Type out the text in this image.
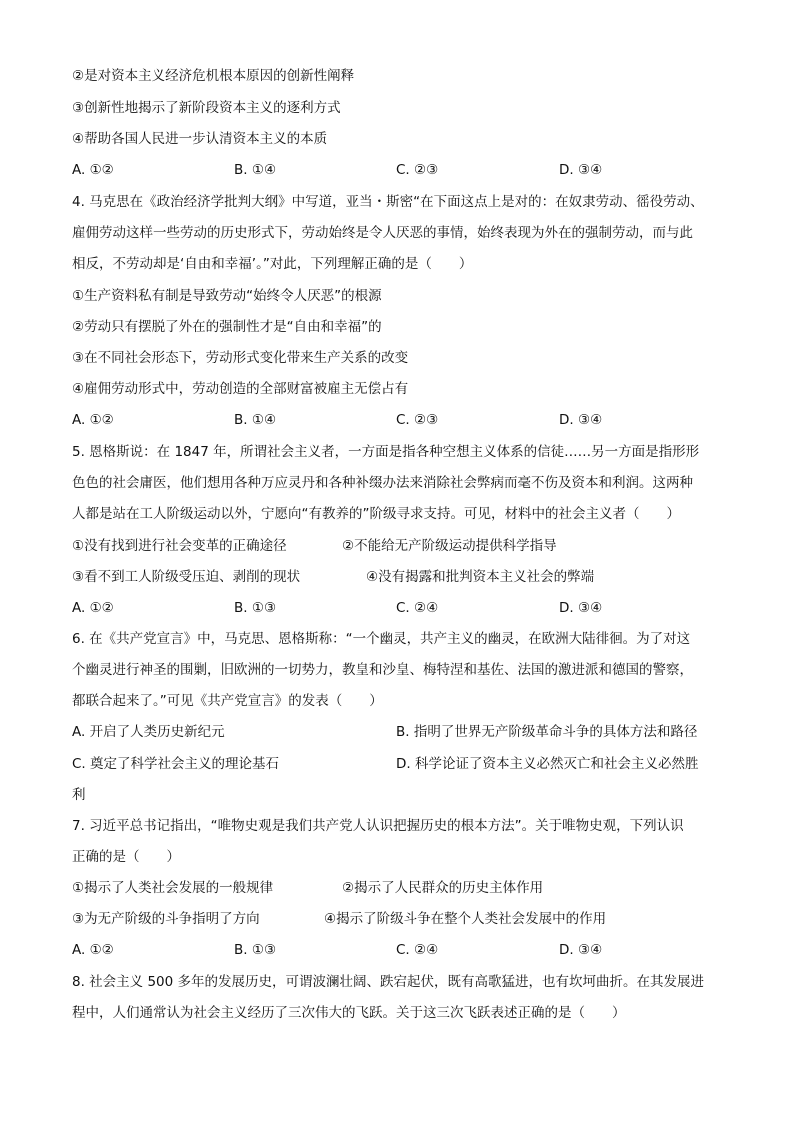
②是对资本主义经济危机根本原因的创新性阐释
③创新性地揭示了新阶段资本主义的逐利方式
④帮助各国人民进一步认清资本主义的本质
A. ①②	B. ①④	C. ②③	D. ③④
4. 马克思在《政治经济学批判大纲》中写道，亚当・斯密“在下面这点上是对的：在奴隶劳动、徭役劳动、
雇佣劳动这样一些劳动的历史形式下，劳动始终是令人厌恶的事情，始终表现为外在的强制劳动，而与此
相反，不劳动却是‘自由和幸福’。”对此，下列理解正确的是（　　）
①生产资料私有制是导致劳动“始终令人厌恶”的根源
②劳动只有摆脱了外在的强制性才是“自由和幸福”的
③在不同社会形态下，劳动形式变化带来生产关系的改变
④雇佣劳动形式中，劳动创造的全部财富被雇主无偿占有
A. ①②	B. ①④	C. ②③	D. ③④
5. 恩格斯说：在 1847 年，所谓社会主义者，一方面是指各种空想主义体系的信徒……另一方面是指形形
色色的社会庸医，他们想用各种万应灵丹和各种补缀办法来消除社会弊病而毫不伤及资本和利润。这两种
人都是站在工人阶级运动以外，宁愿向“有教养的”阶级寻求支持。可见，材料中的社会主义者（　　）
①没有找到进行社会变革的正确途径	②不能给无产阶级运动提供科学指导
③看不到工人阶级受压迫、剥削的现状	④没有揭露和批判资本主义社会的弊端
A. ①②	B. ①③	C. ②④	D. ③④
6. 在《共产党宣言》中，马克思、恩格斯称：“一个幽灵，共产主义的幽灵，在欧洲大陆徘徊。为了对这
个幽灵进行神圣的围剿，旧欧洲的一切势力，教皇和沙皇、梅特涅和基佐、法国的激进派和德国的警察，
都联合起来了。”可见《共产党宣言》的发表（　　）
A. 开启了人类历史新纪元	B. 指明了世界无产阶级革命斗争的具体方法和路径
C. 奠定了科学社会主义的理论基石	D. 科学论证了资本主义必然灭亡和社会主义必然胜
利
7. 习近平总书记指出，“唯物史观是我们共产党人认识把握历史的根本方法”。关于唯物史观，下列认识
正确的是（　　）
①揭示了人类社会发展的一般规律	②揭示了人民群众的历史主体作用
③为无产阶级的斗争指明了方向	④揭示了阶级斗争在整个人类社会发展中的作用
A. ①②	B. ①③	C. ②④	D. ③④
8. 社会主义 500 多年的发展历史，可谓波澜壮阔、跌宕起伏，既有高歌猛进，也有坎坷曲折。在其发展进
程中，人们通常认为社会主义经历了三次伟大的飞跃。关于这三次飞跃表述正确的是（　　）
